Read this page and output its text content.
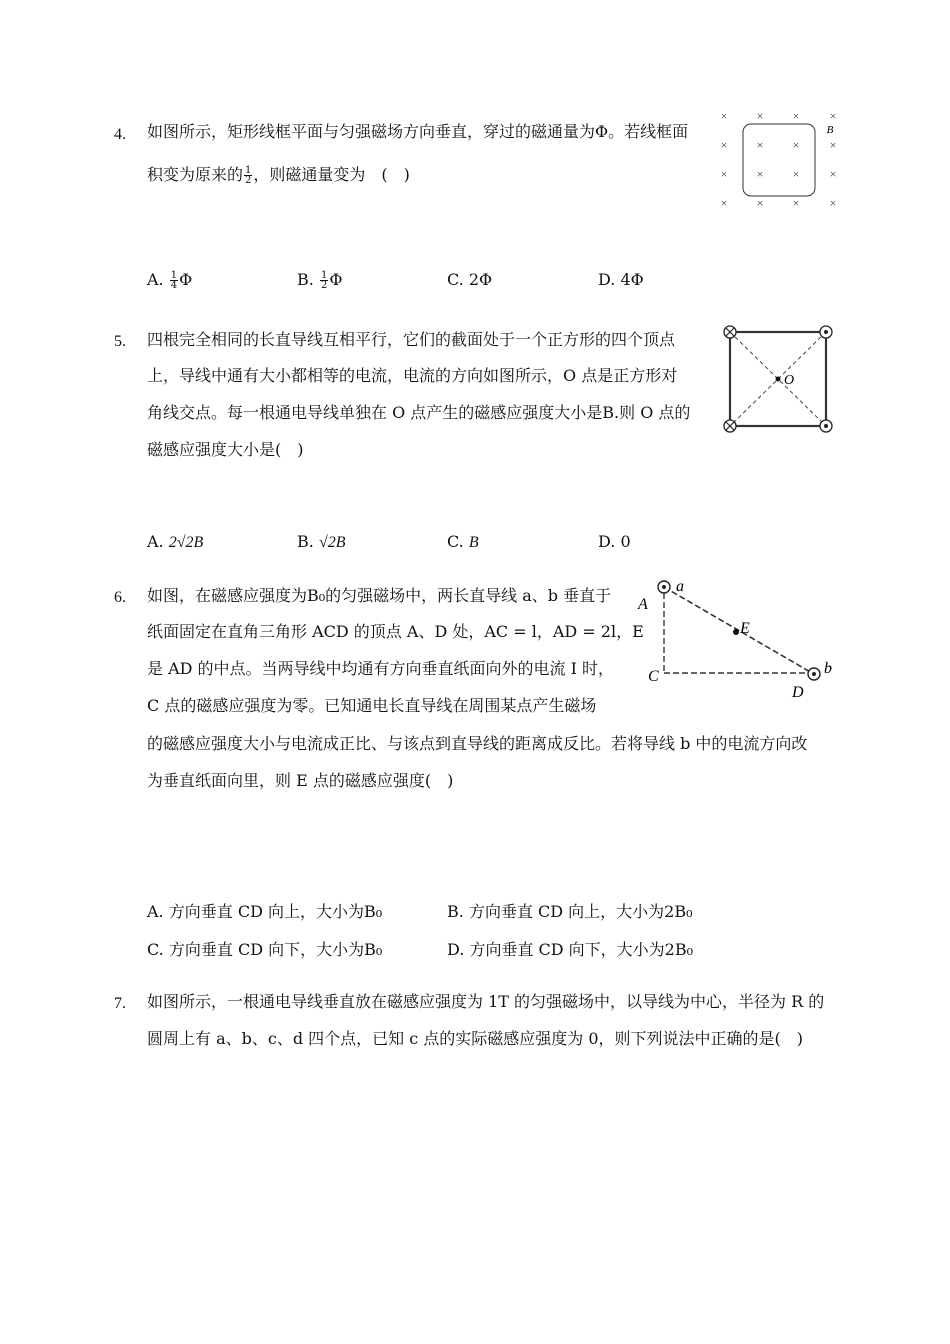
4. 如图所示，矩形线框平面与匀强磁场方向垂直，穿过的磁通量为Φ。若线框面
积变为原来的 $\frac{1}{2}$ ，则磁通量变为　(　)
× × ×	×
× × ×	×
× × ×	×
× × ×	×
B
A. $\frac{1}{4}$ Φ	B. $\frac{1}{2}$ Φ	C. 2Φ	D. 4Φ
5. 四根完全相同的长直导线互相平行，它们的截面处于一个正方形的四个顶点
上，导线中通有大小都相等的电流，电流的方向如图所示，O 点是正方形对
角线交点。每一根通电导线单独在 O 点产生的磁感应强度大小是B.则 O 点的
磁感应强度大小是(　)
O
A. 2√2B	B. √2B	C. B	D. 0
6. 如图，在磁感应强度为B₀的匀强磁场中，两长直导线 a、b 垂直于
纸面固定在直角三角形 ACD 的顶点 A、D 处，AC = l，AD = 2l，E
是 AD 的中点。当两导线中均通有方向垂直纸面向外的电流 I 时，
C 点的磁感应强度为零。已知通电长直导线在周围某点产生磁场
的磁感应强度大小与电流成正比、与该点到直导线的距离成反比。若将导线 b 中的电流方向改
为垂直纸面向里，则 E 点的磁感应强度(　)
a
A
E
b
C
D
A. 方向垂直 CD 向上，大小为B₀	B. 方向垂直 CD 向上，大小为2B₀
C. 方向垂直 CD 向下，大小为B₀	D. 方向垂直 CD 向下，大小为2B₀
7. 如图所示，一根通电导线垂直放在磁感应强度为 1T 的匀强磁场中，以导线为中心，半径为 R 的
圆周上有 a、b、c、d 四个点，已知 c 点的实际磁感应强度为 0，则下列说法中正确的是(　)
